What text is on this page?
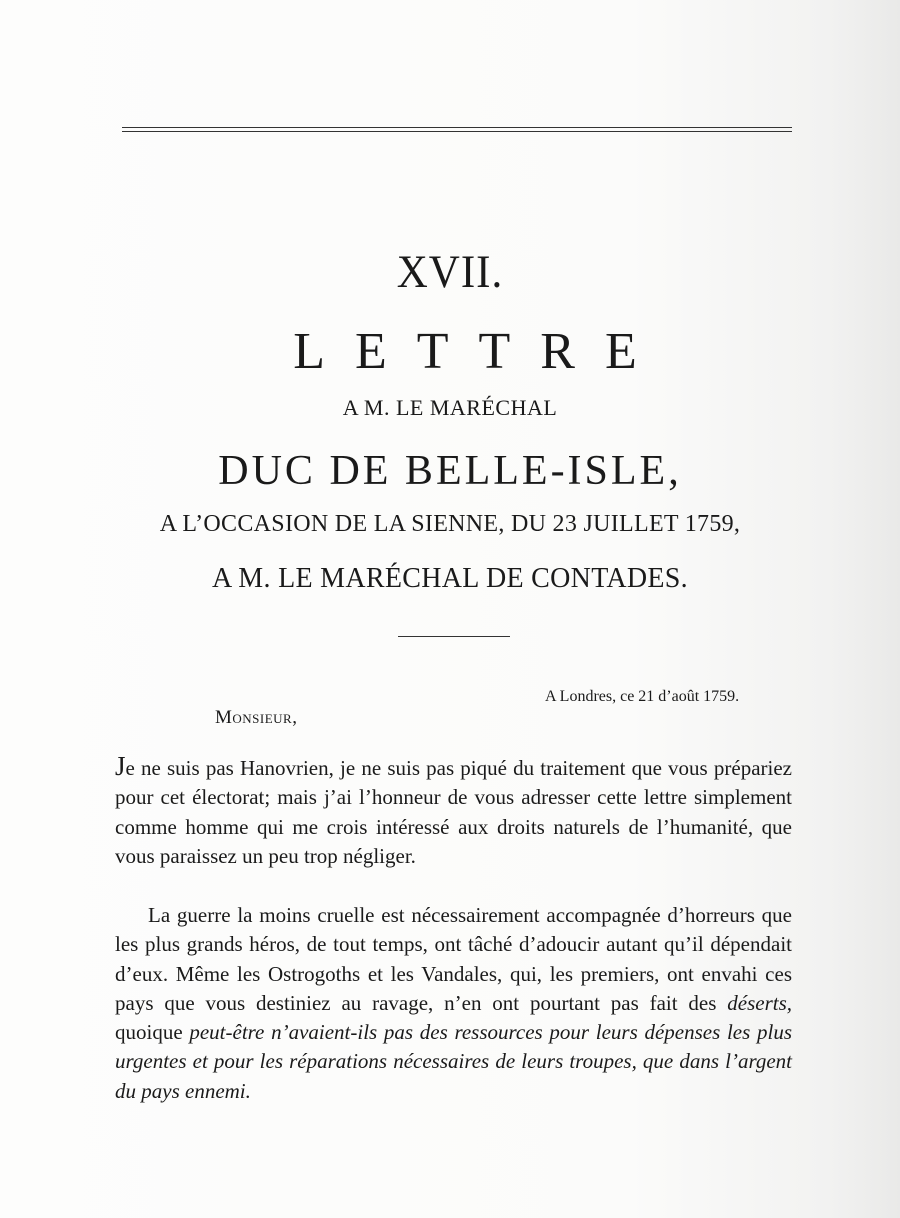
XVII.
LETTRE
A M. LE MARÉCHAL
DUC DE BELLE-ISLE,
A L’OCCASION DE LA SIENNE, DU 23 JUILLET 1759,
A M. LE MARÉCHAL DE CONTADES.
A Londres, ce 21 d’août 1759.
Monsieur,

Je ne suis pas Hanovrien, je ne suis pas piqué du traitement que vous prépariez pour cet électorat; mais j’ai l’honneur de vous adresser cette lettre simplement comme homme qui me crois intéressé aux droits naturels de l’humanité, que vous paraissez un peu trop négliger.

La guerre la moins cruelle est nécessairement accompagnée d’horreurs que les plus grands héros, de tout temps, ont tâché d’adoucir autant qu’il dépendait d’eux. Même les Ostrogoths et les Vandales, qui, les premiers, ont envahi ces pays que vous destiniez au ravage, n’en ont pourtant pas fait des déserts, quoique peut-être n’avaient-ils pas des ressources pour leurs dépenses les plus urgentes et pour les réparations nécessaires de leurs troupes, que dans l’argent du pays ennemi.
